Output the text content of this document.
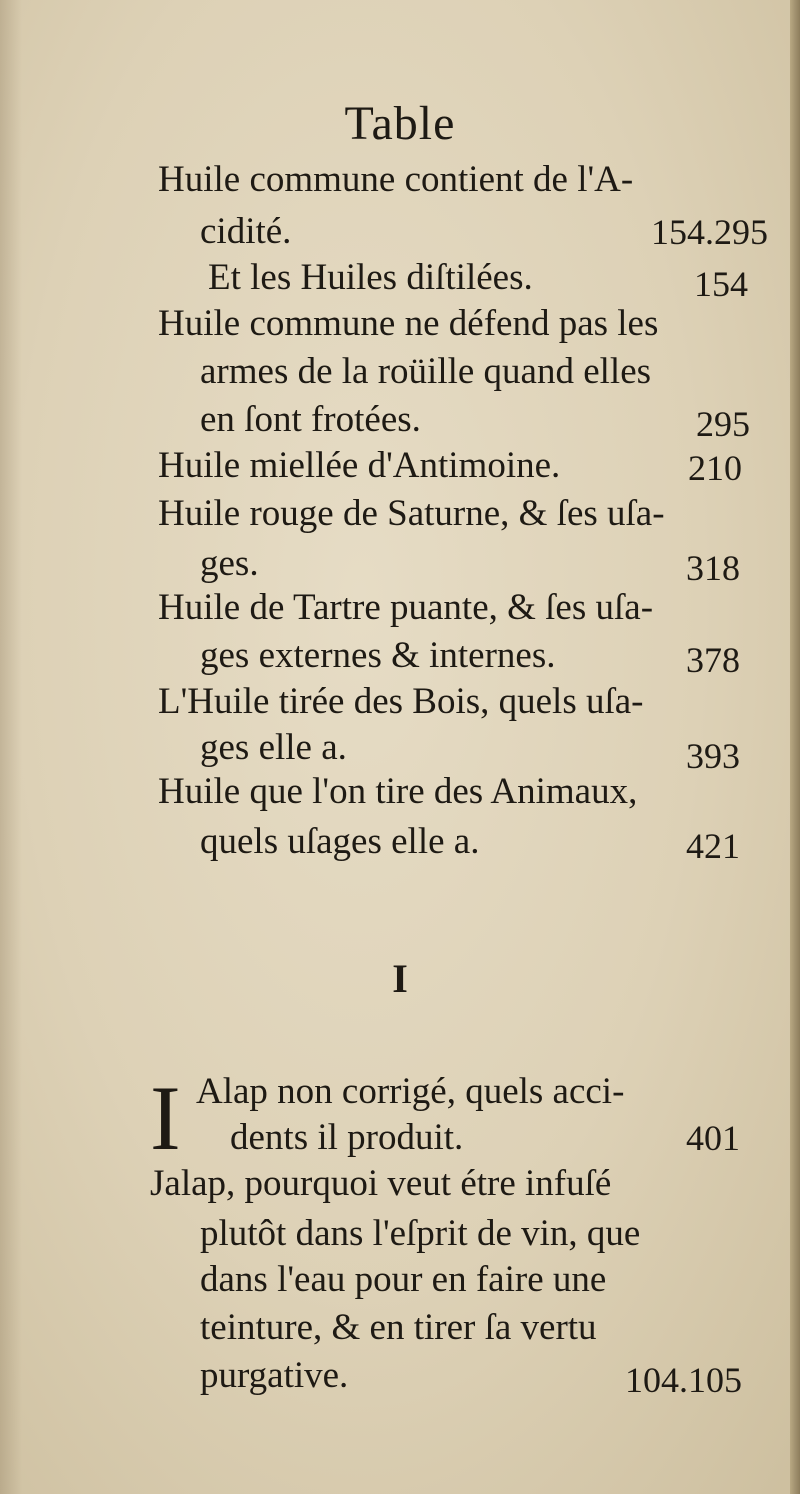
Table
Huile commune contient de l'A-
cidité.	154.295
Et les Huiles diſtilées.	154
Huile commune ne défend pas les
armes de la roüille quand elles
en ſont frotées.	295
Huile miellée d'Antimoine.	210
Huile rouge de Saturne, & ſes uſa-
ges.	318
Huile de Tartre puante, & ſes uſa-
ges externes & internes.	378
L'Huile tirée des Bois, quels uſa-
ges elle a.	393
Huile que l'on tire des Animaux,
quels uſages elle a.	421
I
I Alap non corrigé, quels acci-
dents il produit.	401
Jalap, pourquoi veut étre infuſé
plutôt dans l'eſprit de vin, que
dans l'eau pour en faire une
teinture, & en tirer ſa vertu
purgative.	104.105
